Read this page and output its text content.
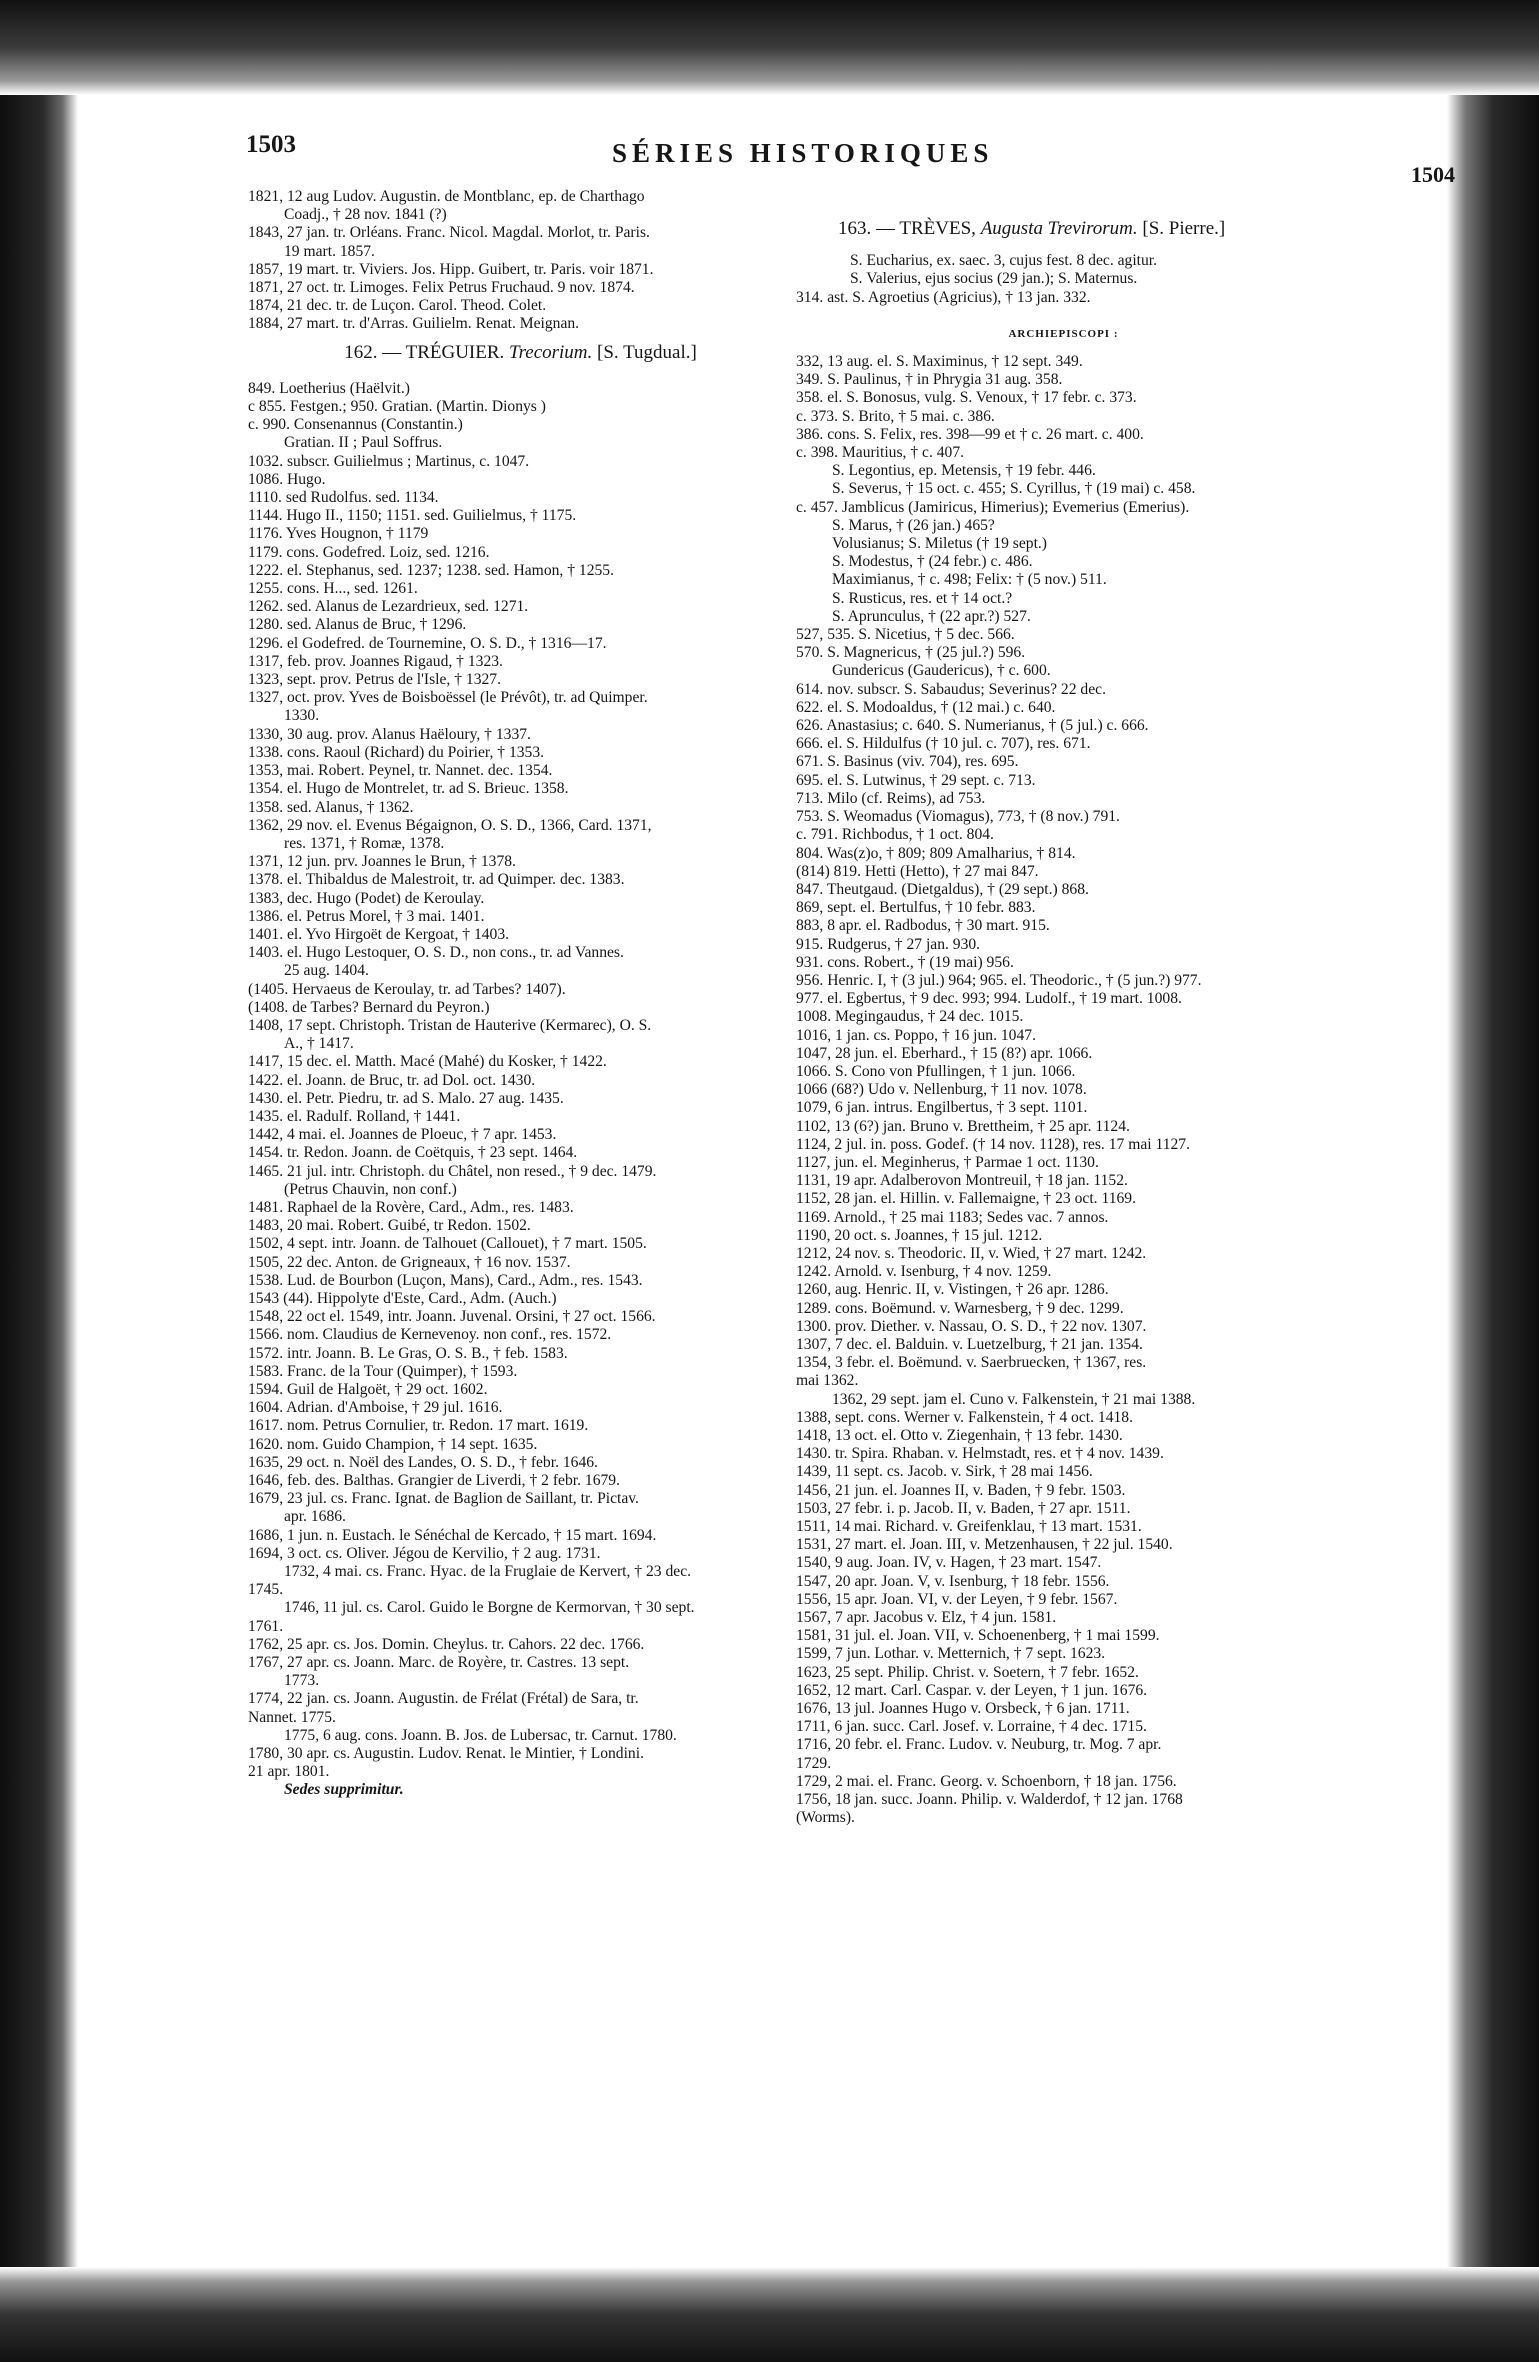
1503	SÉRIES HISTORIQUES
1504
1821, 12 aug Ludov. Augustin. de Montblanc, ep. de Charthago
Coadj., † 28 nov. 1841 (?)
1843, 27 jan. tr. Orléans. Franc. Nicol. Magdal. Morlot, tr. Paris.
19 mart. 1857.
1857, 19 mart. tr. Viviers. Jos. Hipp. Guibert, tr. Paris. voir 1871.
1871, 27 oct. tr. Limoges. Felix Petrus Fruchaud. 9 nov. 1874.
1874, 21 dec. tr. de Luçon. Carol. Theod. Colet.
1884, 27 mart. tr. d'Arras. Guilielm. Renat. Meignan.
162. — TRÉGUIER. Trecorium. [S. Tugdual.]
849. Loetherius (Haëlvit.)
c 855. Festgen.; 950. Gratian. (Martin. Dionys )
c. 990. Consenannus (Constantin.)
Gratian. II ; Paul Soffrus.
1032. subscr. Guilielmus ; Martinus, c. 1047.
1086. Hugo.
1110. sed Rudolfus. sed. 1134.
1144. Hugo II., 1150; 1151. sed. Guilielmus, † 1175.
1176. Yves Hougnon, † 1179
1179. cons. Godefred. Loiz, sed. 1216.
1222. el. Stephanus, sed. 1237; 1238. sed. Hamon, † 1255.
1255. cons. H..., sed. 1261.
1262. sed. Alanus de Lezardrieux, sed. 1271.
1280. sed. Alanus de Bruc, † 1296.
1296. el Godefred. de Tournemine, O. S. D., † 1316—17.
1317, feb. prov. Joannes Rigaud, † 1323.
1323, sept. prov. Petrus de l'Isle, † 1327.
1327, oct. prov. Yves de Boisboëssel (le Prévôt), tr. ad Quimper.
1330.
1330, 30 aug. prov. Alanus Haëloury, † 1337.
1338. cons. Raoul (Richard) du Poirier, † 1353.
1353, mai. Robert. Peynel, tr. Nannet. dec. 1354.
1354. el. Hugo de Montrelet, tr. ad S. Brieuc. 1358.
1358. sed. Alanus, † 1362.
1362, 29 nov. el. Evenus Bégaignon, O. S. D., 1366, Card. 1371,
res. 1371, † Romæ, 1378.
1371, 12 jun. prv. Joannes le Brun, † 1378.
1378. el. Thibaldus de Malestroit, tr. ad Quimper. dec. 1383.
1383, dec. Hugo (Podet) de Keroulay.
1386. el. Petrus Morel, † 3 mai. 1401.
1401. el. Yvo Hirgoët de Kergoat, † 1403.
1403. el. Hugo Lestoquer, O. S. D., non cons., tr. ad Vannes.
25 aug. 1404.
(1405. Hervaeus de Keroulay, tr. ad Tarbes? 1407).
(1408. de Tarbes? Bernard du Peyron.)
1408, 17 sept. Christoph. Tristan de Hauterive (Kermarec), O. S.
A., † 1417.
1417, 15 dec. el. Matth. Macé (Mahé) du Kosker, † 1422.
1422. el. Joann. de Bruc, tr. ad Dol. oct. 1430.
1430. el. Petr. Piedru, tr. ad S. Malo. 27 aug. 1435.
1435. el. Radulf. Rolland, † 1441.
1442, 4 mai. el. Joannes de Ploeuc, † 7 apr. 1453.
1454. tr. Redon. Joann. de Coëtquis, † 23 sept. 1464.
1465. 21 jul. intr. Christoph. du Châtel, non resed., † 9 dec. 1479.
(Petrus Chauvin, non conf.)
1481. Raphael de la Rovère, Card., Adm., res. 1483.
1483, 20 mai. Robert. Guibé, tr Redon. 1502.
1502, 4 sept. intr. Joann. de Talhouet (Callouet), † 7 mart. 1505.
1505, 22 dec. Anton. de Grigneaux, † 16 nov. 1537.
1538. Lud. de Bourbon (Luçon, Mans), Card., Adm., res. 1543.
1543 (44). Hippolyte d'Este, Card., Adm. (Auch.)
1548, 22 oct el. 1549, intr. Joann. Juvenal. Orsini, † 27 oct. 1566.
1566. nom. Claudius de Kernevenoy. non conf., res. 1572.
1572. intr. Joann. B. Le Gras, O. S. B., † feb. 1583.
1583. Franc. de la Tour (Quimper), † 1593.
1594. Guil de Halgoët, † 29 oct. 1602.
1604. Adrian. d'Amboise, † 29 jul. 1616.
1617. nom. Petrus Cornulier, tr. Redon. 17 mart. 1619.
1620. nom. Guido Champion, † 14 sept. 1635.
1635, 29 oct. n. Noël des Landes, O. S. D., † febr. 1646.
1646, feb. des. Balthas. Grangier de Liverdi, † 2 febr. 1679.
1679, 23 jul. cs. Franc. Ignat. de Baglion de Saillant, tr. Pictav.
apr. 1686.
1686, 1 jun. n. Eustach. le Sénéchal de Kercado, † 15 mart. 1694.
1694, 3 oct. cs. Oliver. Jégou de Kervilio, † 2 aug. 1731.
1732, 4 mai. cs. Franc. Hyac. de la Fruglaie de Kervert, † 23 dec.
1745.
1746, 11 jul. cs. Carol. Guido le Borgne de Kermorvan, † 30 sept.
1761.
1762, 25 apr. cs. Jos. Domin. Cheylus. tr. Cahors. 22 dec. 1766.
1767, 27 apr. cs. Joann. Marc. de Royère, tr. Castres. 13 sept.
1773.
1774, 22 jan. cs. Joann. Augustin. de Frélat (Frétal) de Sara, tr.
Nannet. 1775.
1775, 6 aug. cons. Joann. B. Jos. de Lubersac, tr. Carnut. 1780.
1780, 30 apr. cs. Augustin. Ludov. Renat. le Mintier, † Londini.
21 apr. 1801.
Sedes supprimitur.
163. — TRÈVES, Augusta Trevirorum. [S. Pierre.]
S. Eucharius, ex. saec. 3, cujus fest. 8 dec. agitur.
S. Valerius, ejus socius (29 jan.); S. Maternus.
314. ast. S. Agroetius (Agricius), † 13 jan. 332.
ARCHIEPISCOPI :
332, 13 aug. el. S. Maximinus, † 12 sept. 349.
349. S. Paulinus, † in Phrygia 31 aug. 358.
358. el. S. Bonosus, vulg. S. Venoux, † 17 febr. c. 373.
c. 373. S. Brito, † 5 mai. c. 386.
386. cons. S. Felix, res. 398—99 et † c. 26 mart. c. 400.
c. 398. Mauritius, † c. 407.
S. Legontius, ep. Metensis, † 19 febr. 446.
S. Severus, † 15 oct. c. 455; S. Cyrillus, † (19 mai) c. 458.
c. 457. Jamblicus (Jamiricus, Himerius); Evemerius (Emerius).
S. Marus, † (26 jan.) 465?
Volusianus; S. Miletus († 19 sept.)
S. Modestus, † (24 febr.) c. 486.
Maximianus, † c. 498; Felix: † (5 nov.) 511.
S. Rusticus, res. et † 14 oct.?
S. Aprunculus, † (22 apr.?) 527.
527, 535. S. Nicetius, † 5 dec. 566.
570. S. Magnericus, † (25 jul.?) 596.
Gundericus (Gaudericus), † c. 600.
614. nov. subscr. S. Sabaudus; Severinus? 22 dec.
622. el. S. Modoaldus, † (12 mai.) c. 640.
626. Anastasius; c. 640. S. Numerianus, † (5 jul.) c. 666.
666. el. S. Hildulfus († 10 jul. c. 707), res. 671.
671. S. Basinus (viv. 704), res. 695.
695. el. S. Lutwinus, † 29 sept. c. 713.
713. Milo (cf. Reims), ad 753.
753. S. Weomadus (Viomagus), 773, † (8 nov.) 791.
c. 791. Richbodus, † 1 oct. 804.
804. Was(z)o, † 809; 809 Amalharius, † 814.
(814) 819. Hetti (Hetto), † 27 mai 847.
847. Theutgaud. (Dietgaldus), † (29 sept.) 868.
869, sept. el. Bertulfus, † 10 febr. 883.
883, 8 apr. el. Radbodus, † 30 mart. 915.
915. Rudgerus, † 27 jan. 930.
931. cons. Robert., † (19 mai) 956.
956. Henric. I, † (3 jul.) 964; 965. el. Theodoric., † (5 jun.?) 977.
977. el. Egbertus, † 9 dec. 993; 994. Ludolf., † 19 mart. 1008.
1008. Megingaudus, † 24 dec. 1015.
1016, 1 jan. cs. Poppo, † 16 jun. 1047.
1047, 28 jun. el. Eberhard., † 15 (8?) apr. 1066.
1066. S. Cono von Pfullingen, † 1 jun. 1066.
1066 (68?) Udo v. Nellenburg, † 11 nov. 1078.
1079, 6 jan. intrus. Engilbertus, † 3 sept. 1101.
1102, 13 (6?) jan. Bruno v. Brettheim, † 25 apr. 1124.
1124, 2 jul. in. poss. Godef. († 14 nov. 1128), res. 17 mai 1127.
1127, jun. el. Meginherus, † Parmae 1 oct. 1130.
1131, 19 apr. Adalberovon Montreuil, † 18 jan. 1152.
1152, 28 jan. el. Hillin. v. Fallemaigne, † 23 oct. 1169.
1169. Arnold., † 25 mai 1183; Sedes vac. 7 annos.
1190, 20 oct. s. Joannes, † 15 jul. 1212.
1212, 24 nov. s. Theodoric. II, v. Wied, † 27 mart. 1242.
1242. Arnold. v. Isenburg, † 4 nov. 1259.
1260, aug. Henric. II, v. Vistingen, † 26 apr. 1286.
1289. cons. Boëmund. v. Warnesberg, † 9 dec. 1299.
1300. prov. Diether. v. Nassau, O. S. D., † 22 nov. 1307.
1307, 7 dec. el. Balduin. v. Luetzelburg, † 21 jan. 1354.
1354, 3 febr. el. Boëmund. v. Saerbruecken, † 1367, res.
mai 1362.
1362, 29 sept. jam el. Cuno v. Falkenstein, † 21 mai 1388.
1388, sept. cons. Werner v. Falkenstein, † 4 oct. 1418.
1418, 13 oct. el. Otto v. Ziegenhain, † 13 febr. 1430.
1430. tr. Spira. Rhaban. v. Helmstadt, res. et † 4 nov. 1439.
1439, 11 sept. cs. Jacob. v. Sirk, † 28 mai 1456.
1456, 21 jun. el. Joannes II, v. Baden, † 9 febr. 1503.
1503, 27 febr. i. p. Jacob. II, v. Baden, † 27 apr. 1511.
1511, 14 mai. Richard. v. Greifenklau, † 13 mart. 1531.
1531, 27 mart. el. Joan. III, v. Metzenhausen, † 22 jul. 1540.
1540, 9 aug. Joan. IV, v. Hagen, † 23 mart. 1547.
1547, 20 apr. Joan. V, v. Isenburg, † 18 febr. 1556.
1556, 15 apr. Joan. VI, v. der Leyen, † 9 febr. 1567.
1567, 7 apr. Jacobus v. Elz, † 4 jun. 1581.
1581, 31 jul. el. Joan. VII, v. Schoenenberg, † 1 mai 1599.
1599, 7 jun. Lothar. v. Metternich, † 7 sept. 1623.
1623, 25 sept. Philip. Christ. v. Soetern, † 7 febr. 1652.
1652, 12 mart. Carl. Caspar. v. der Leyen, † 1 jun. 1676.
1676, 13 jul. Joannes Hugo v. Orsbeck, † 6 jan. 1711.
1711, 6 jan. succ. Carl. Josef. v. Lorraine, † 4 dec. 1715.
1716, 20 febr. el. Franc. Ludov. v. Neuburg, tr. Mog. 7 apr.
1729.
1729, 2 mai. el. Franc. Georg. v. Schoenborn, † 18 jan. 1756.
1756, 18 jan. succ. Joann. Philip. v. Walderdof, † 12 jan. 1768
(Worms).
